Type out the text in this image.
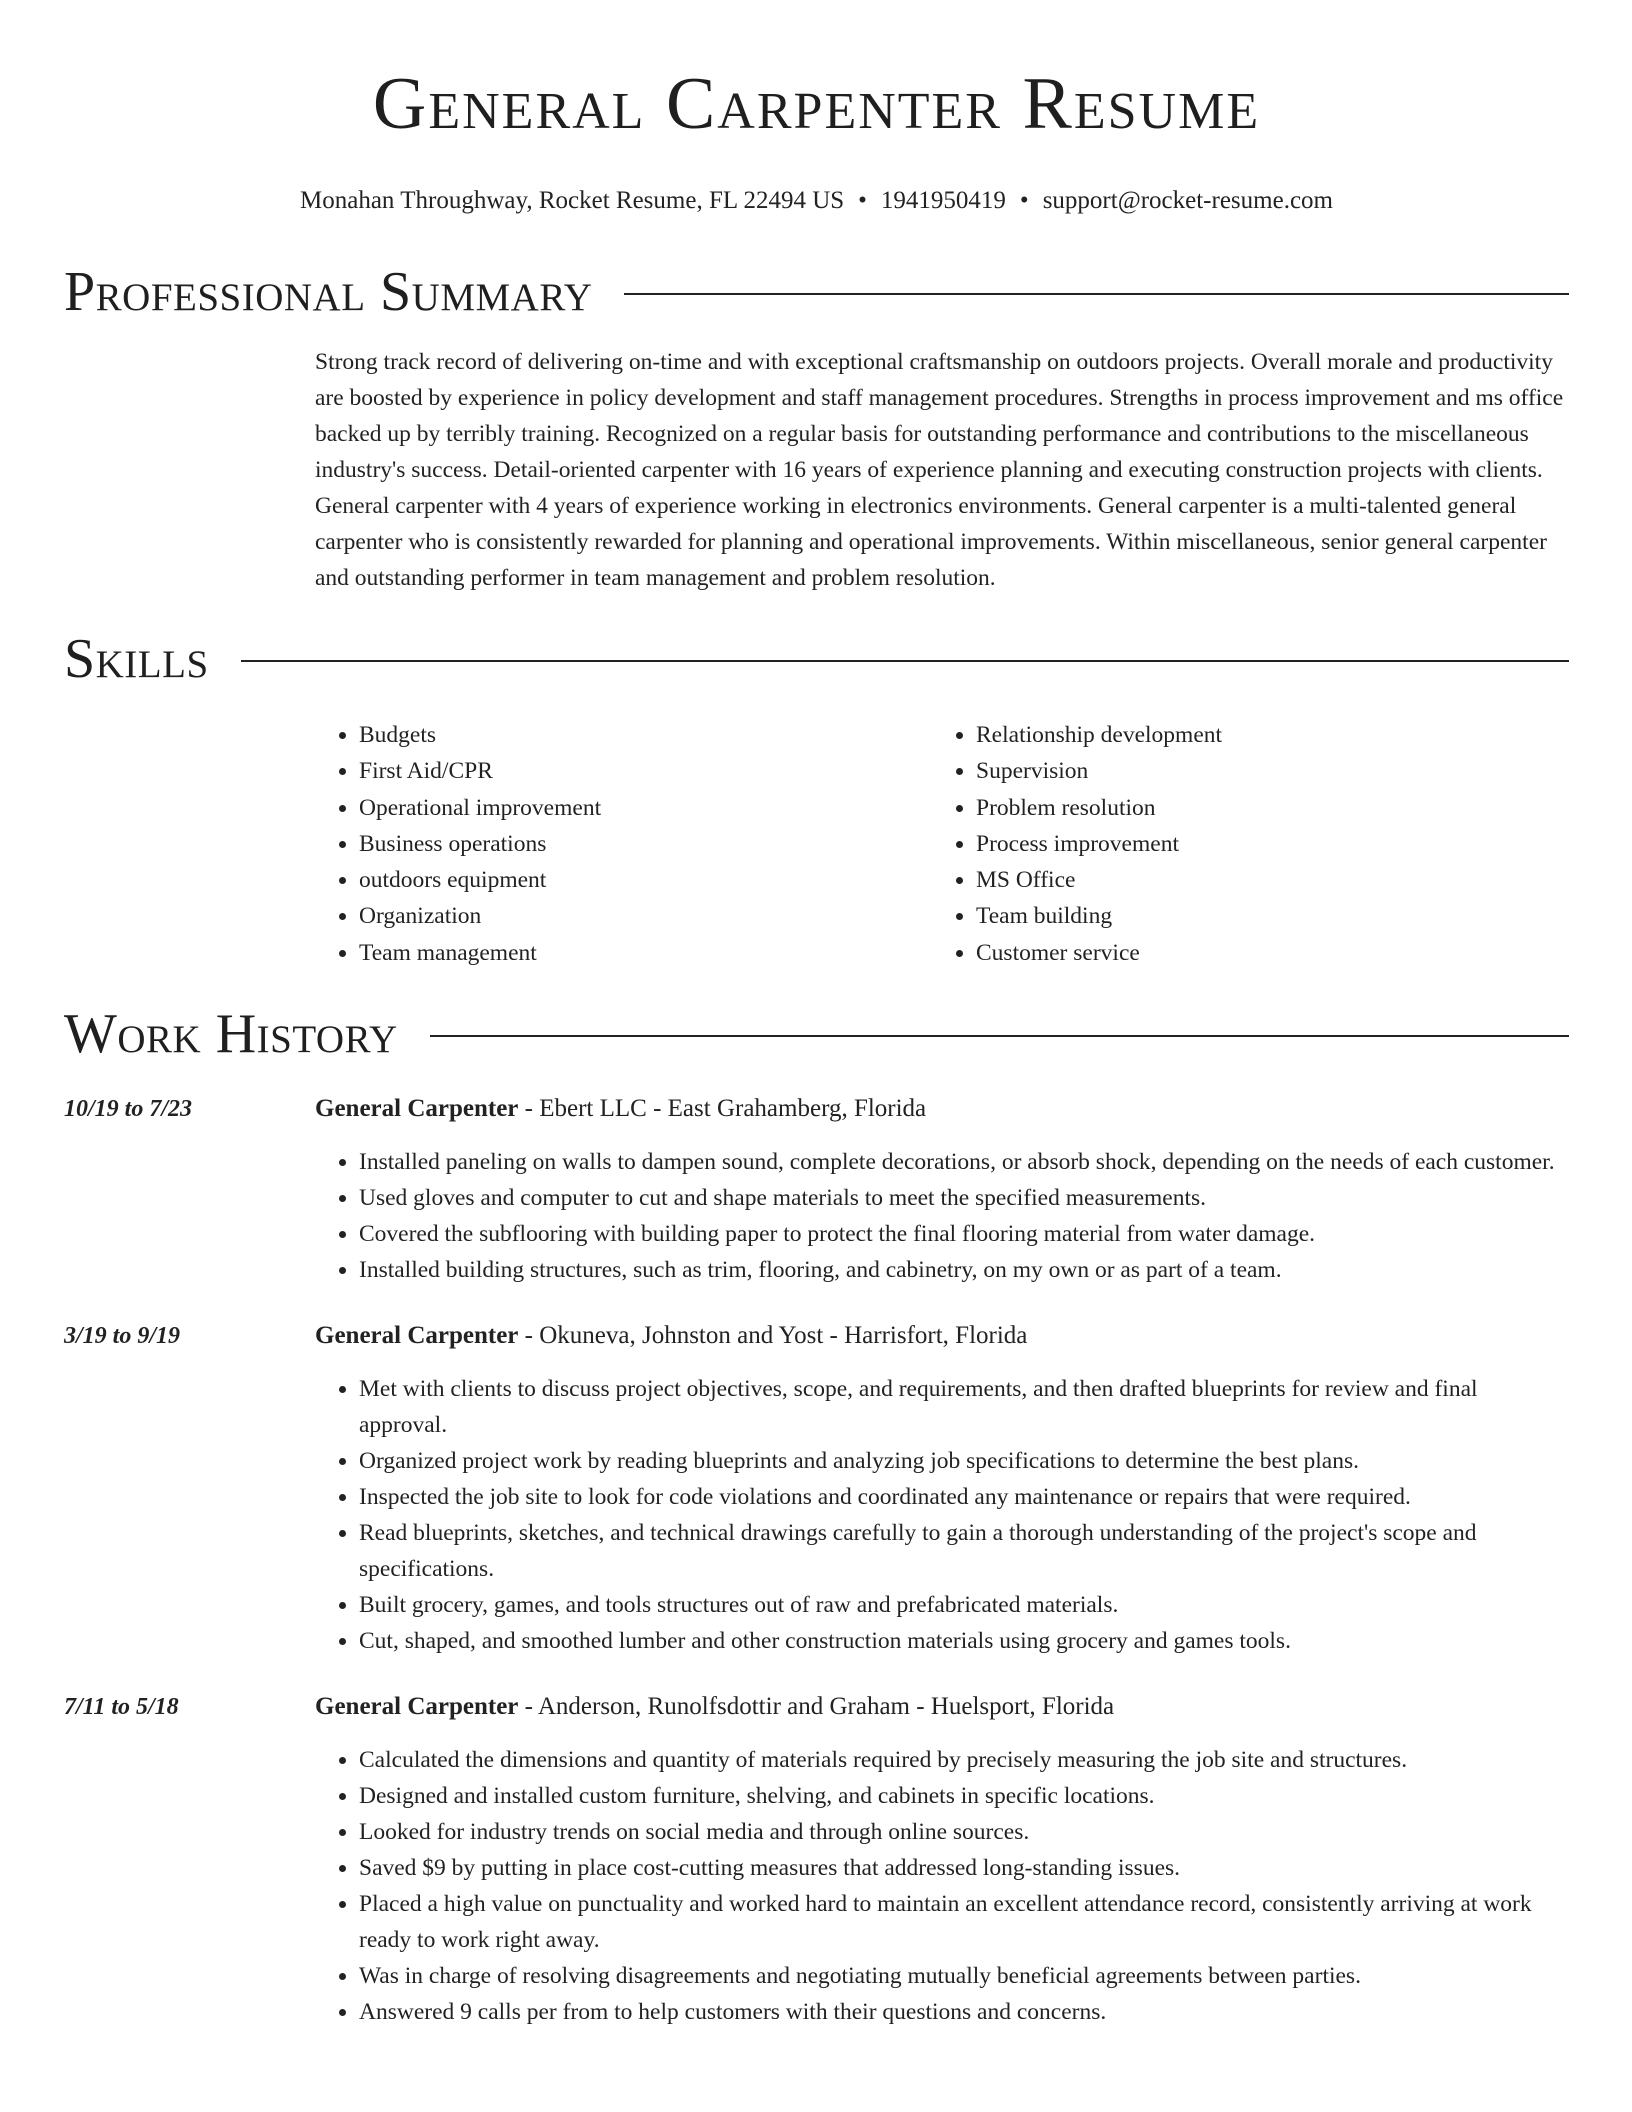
General Carpenter Resume
Monahan Throughway, Rocket Resume, FL 22494 US • 1941950419 • support@rocket-resume.com
Professional Summary
Strong track record of delivering on-time and with exceptional craftsmanship on outdoors projects. Overall morale and productivity are boosted by experience in policy development and staff management procedures. Strengths in process improvement and ms office backed up by terribly training. Recognized on a regular basis for outstanding performance and contributions to the miscellaneous industry's success. Detail-oriented carpenter with 16 years of experience planning and executing construction projects with clients. General carpenter with 4 years of experience working in electronics environments. General carpenter is a multi-talented general carpenter who is consistently rewarded for planning and operational improvements. Within miscellaneous, senior general carpenter and outstanding performer in team management and problem resolution.
Skills
• Budgets
• First Aid/CPR
• Operational improvement
• Business operations
• outdoors equipment
• Organization
• Team management
• Relationship development
• Supervision
• Problem resolution
• Process improvement
• MS Office
• Team building
• Customer service
Work History
10/19 to 7/23	General Carpenter - Ebert LLC - East Grahamberg, Florida
• Installed paneling on walls to dampen sound, complete decorations, or absorb shock, depending on the needs of each customer.
• Used gloves and computer to cut and shape materials to meet the specified measurements.
• Covered the subflooring with building paper to protect the final flooring material from water damage.
• Installed building structures, such as trim, flooring, and cabinetry, on my own or as part of a team.
3/19 to 9/19	General Carpenter - Okuneva, Johnston and Yost - Harrisfort, Florida
• Met with clients to discuss project objectives, scope, and requirements, and then drafted blueprints for review and final approval.
• Organized project work by reading blueprints and analyzing job specifications to determine the best plans.
• Inspected the job site to look for code violations and coordinated any maintenance or repairs that were required.
• Read blueprints, sketches, and technical drawings carefully to gain a thorough understanding of the project's scope and specifications.
• Built grocery, games, and tools structures out of raw and prefabricated materials.
• Cut, shaped, and smoothed lumber and other construction materials using grocery and games tools.
7/11 to 5/18	General Carpenter - Anderson, Runolfsdottir and Graham - Huelsport, Florida
• Calculated the dimensions and quantity of materials required by precisely measuring the job site and structures.
• Designed and installed custom furniture, shelving, and cabinets in specific locations.
• Looked for industry trends on social media and through online sources.
• Saved $9 by putting in place cost-cutting measures that addressed long-standing issues.
• Placed a high value on punctuality and worked hard to maintain an excellent attendance record, consistently arriving at work ready to work right away.
• Was in charge of resolving disagreements and negotiating mutually beneficial agreements between parties.
• Answered 9 calls per from to help customers with their questions and concerns.
